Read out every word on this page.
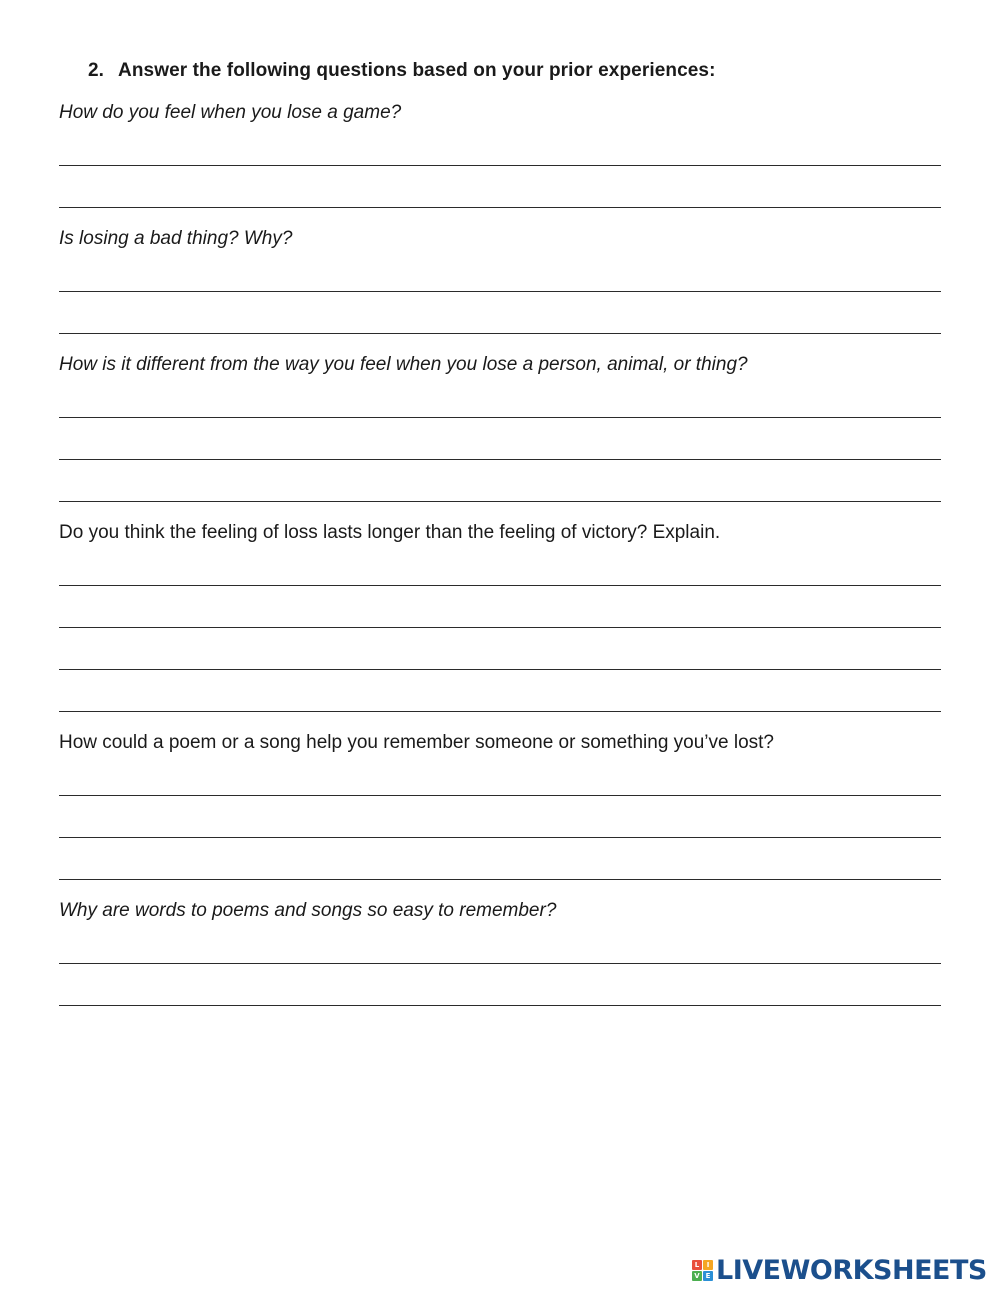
2. Answer the following questions based on your prior experiences:
How do you feel when you lose a game?
Is losing a bad thing? Why?
How is it different from the way you feel when you lose a person, animal, or thing?
Do you think the feeling of loss lasts longer than the feeling of victory? Explain.
How could a poem or a song help you remember someone or something you’ve lost?
Why are words to poems and songs so easy to remember?
L	I
V E LIVEWORKSHEETS
